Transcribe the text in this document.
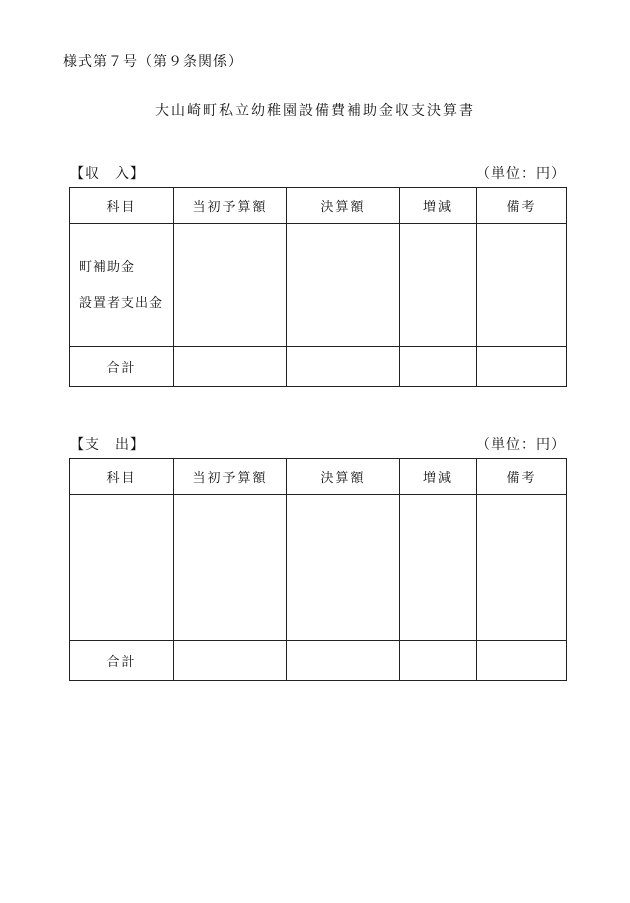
様式第７号（第９条関係）
大山崎町私立幼稚園設備費補助金収支決算書
【収　入】	（単位：円）
科目	当初予算額	決算額	増減	備考

町補助金
設置者支出金				

合計				
【支　出】	（単位：円）
科目	当初予算額	決算額	増減	備考

合計				
